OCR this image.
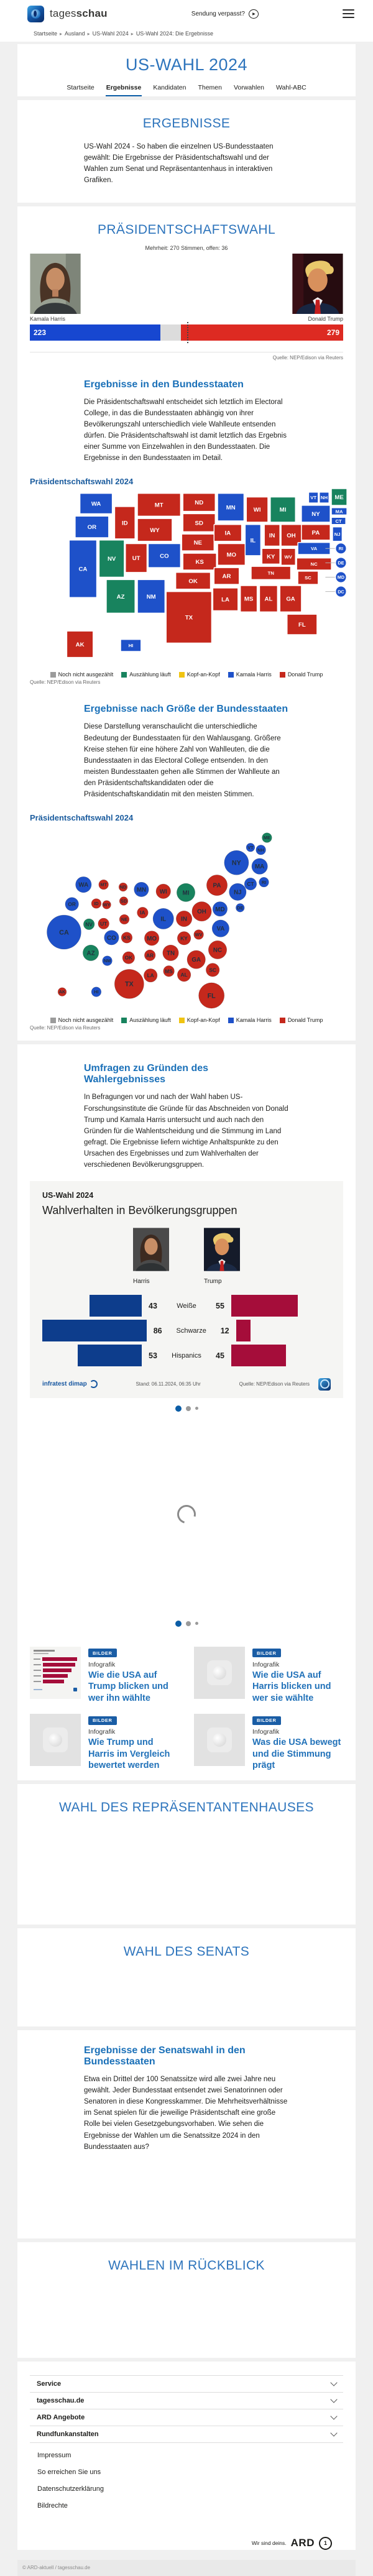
tagesschau	Sendung verpasst?	▶
Startseite ▸ Ausland ▸ US-Wahl 2024 ▸ US-Wahl 2024: Die Ergebnisse
US-WAHL 2024
Startseite Ergebnisse Kandidaten Themen Vorwahlen Wahl-ABC
ERGEBNISSE

US-Wahl 2024 - So haben die einzelnen US-Bundesstaaten gewählt: Die Ergebnisse der Präsidentschaftswahl und der Wahlen zum Senat und Repräsentantenhaus in interaktiven Grafiken.

PRÄSIDENTSCHAFTSWAHL
Mehrheit: 270 Stimmen, offen: 36
Kamala Harris	Donald Trump
223	279
Quelle: NEP/Edison via Reuters
Ergebnisse in den Bundesstaaten

Die Präsidentschaftswahl entscheidet sich letztlich im Electoral College, in das die Bundesstaaten abhängig von ihrer Bevölkerungszahl unterschiedlich viele Wahlleute entsenden dürfen. Die Präsidentschaftswahl ist damit letztlich das Ergebnis einer Summe von Einzelwahlen in den Bundesstaaten. Die Ergebnisse in den Bundesstaaten im Detail.

Präsidentschaftswahl 2024
WA
OR
CA
ID
NV	UT
AZ
MT
WY
CO
NM
ND
SD
NE
KS
OK
TX
MN
IA
MO
AR
LA
WI
IL
MI
IN OH
KY
TN
MS AL GA
FL
SC
NC
VA
WV
PA
NY
NJ
VT NH
MA
CT
ME
RI
DE
MD
DC
AK	HI
Noch nicht ausgezählt	Auszählung läuft	Kopf-an-Kopf	Kamala Harris	Donald Trump
Quelle: NEP/Edison via Reuters
Ergebnisse nach Größe der Bundesstaaten

Diese Darstellung veranschaulicht die unterschiedliche Bedeutung der Bundesstaaten für den Wahlausgang. Größere Kreise stehen für eine höhere Zahl von Wahlleuten, die die Bundesstaaten in das Electoral College entsenden. In den meisten Bundesstaaten gehen alle Stimmen der Wahlleute an den Präsidentschaftskandidaten oder die Präsidentschaftskandidatin mit den meisten Stimmen.

Präsidentschaftswahl 2024
WA
OR
CA
ID
NV UT
AZ
MT
WY
CO
NM
ND
SD
NE
KS
OK
TX
MN
IA
MO
AR
LA
WI
IL
MI
IN
OH
KY
TN
MS
AL
GA
FL
SC
NC
VA
WV
PA
NY
NJ
VT NH
MA
CT
ME
RI
DE
MD
AK	HI
Noch nicht ausgezählt	Auszählung läuft	Kopf-an-Kopf	Kamala Harris	Donald Trump
Quelle: NEP/Edison via Reuters
Umfragen zu Gründen des Wahlergebnisses

In Befragungen vor und nach der Wahl haben US-Forschungsinstitute die Gründe für das Abschneiden von Donald Trump und Kamala Harris untersucht und auch nach den Gründen für die Wahlentscheidung und die Stimmung im Land gefragt. Die Ergebnisse liefern wichtige Anhaltspunkte zu den Ursachen des Ergebnisses und zum Wahlverhalten der verschiedenen Bevölkerungsgruppen.

US-Wahl 2024
Wahlverhalten in Bevölkerungsgruppen
Harris	Trump
43	Weiße	55
86	Schwarze	12
53	Hispanics	45
infratest dimap	Stand: 06.11.2024, 06:35 Uhr	Quelle: NEP/Edison via Reuters
BILDER
Infografik
Wie die USA auf Trump blicken und wer ihn wählte
BILDER
Infografik
Wie die USA auf Harris blicken und wer sie wählte
BILDER
Infografik
Wie Trump und Harris im Vergleich bewertet werden
BILDER
Infografik
Was die USA bewegt und die Stimmung prägt
WAHL DES REPRÄSENTANTENHAUSES
WAHL DES SENATS
Ergebnisse der Senatswahl in den Bundesstaaten

Etwa ein Drittel der 100 Senatssitze wird alle zwei Jahre neu gewählt. Jeder Bundesstaat entsendet zwei Senatorinnen oder Senatoren in diese Kongresskammer. Die Mehrheitsverhältnisse im Senat spielen für die jeweilige Präsidentschaft eine große Rolle bei vielen Gesetzgebungsvorhaben. Wie sehen die Ergebnisse der Wahlen um die Senatssitze 2024 in den Bundesstaaten aus?

WAHLEN IM RÜCKBLICK
Service
tagesschau.de
ARD Angebote
Rundfunkanstalten
Impressum
So erreichen Sie uns
Datenschutzerklärung
Bildrechte
Wir sind deins. ARD	1
© ARD-aktuell / tagesschau.de
